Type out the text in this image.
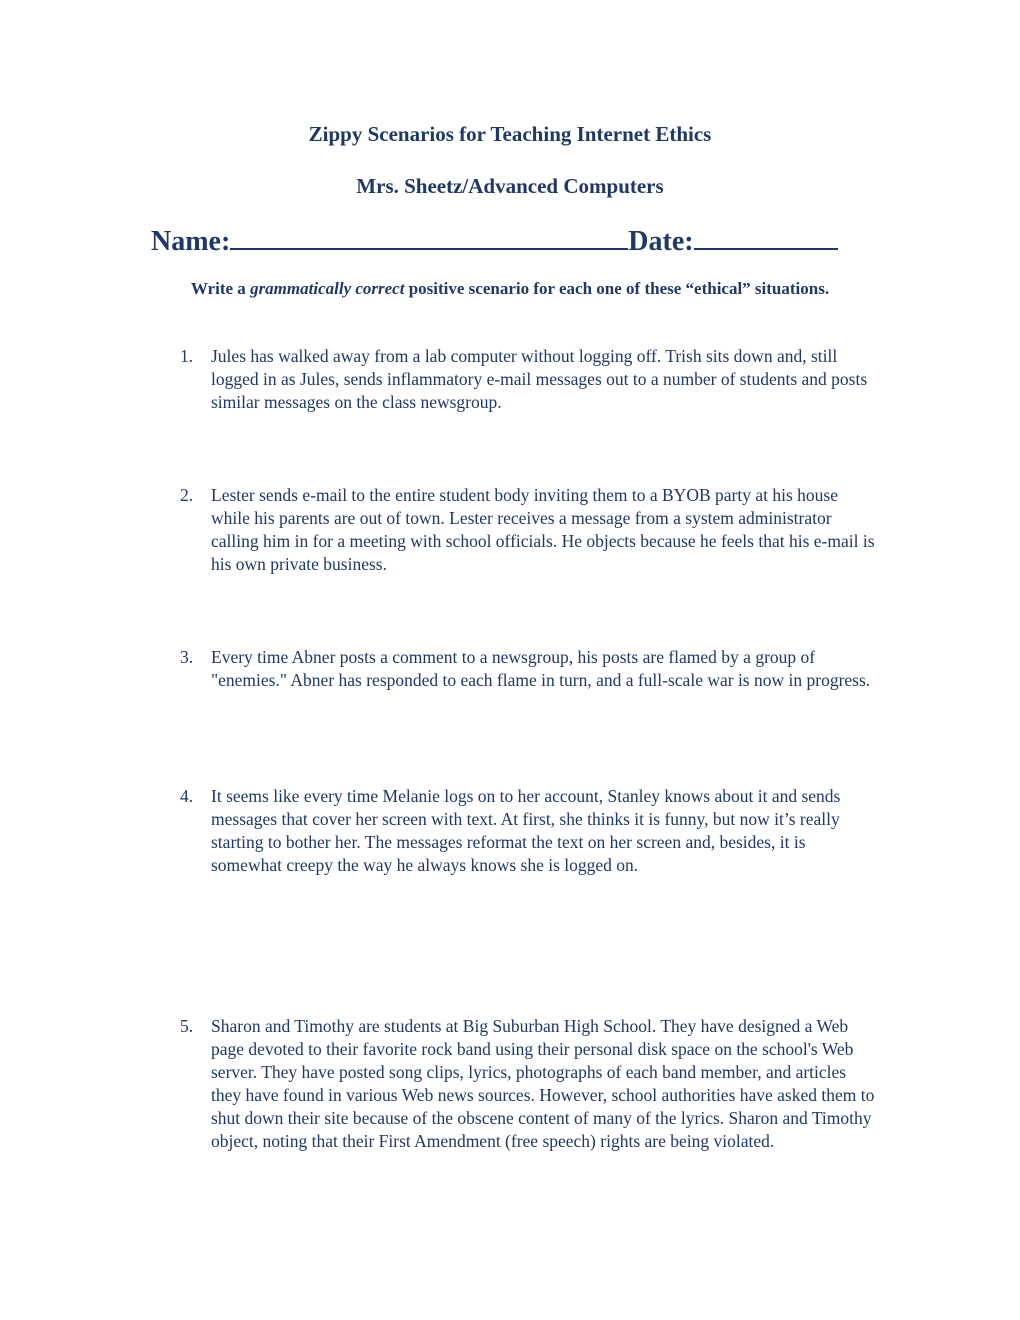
Zippy Scenarios for Teaching Internet Ethics
Mrs. Sheetz/Advanced Computers

Name:	Date:

Write a grammatically correct positive scenario for each one of these “ethical” situations.

1. Jules has walked away from a lab computer without logging off. Trish sits down and, still logged in as Jules, sends inflammatory e-mail messages out to a number of students and posts similar messages on the class newsgroup.
2. Lester sends e-mail to the entire student body inviting them to a BYOB party at his house while his parents are out of town. Lester receives a message from a system administrator calling him in for a meeting with school officials. He objects because he feels that his e-mail is his own private business.
3. Every time Abner posts a comment to a newsgroup, his posts are flamed by a group of "enemies." Abner has responded to each flame in turn, and a full-scale war is now in progress.
4. It seems like every time Melanie logs on to her account, Stanley knows about it and sends messages that cover her screen with text. At first, she thinks it is funny, but now it’s really starting to bother her. The messages reformat the text on her screen and, besides, it is somewhat creepy the way he always knows she is logged on.
5. Sharon and Timothy are students at Big Suburban High School. They have designed a Web page devoted to their favorite rock band using their personal disk space on the school's Web server. They have posted song clips, lyrics, photographs of each band member, and articles they have found in various Web news sources. However, school authorities have asked them to shut down their site because of the obscene content of many of the lyrics. Sharon and Timothy object, noting that their First Amendment (free speech) rights are being violated.
